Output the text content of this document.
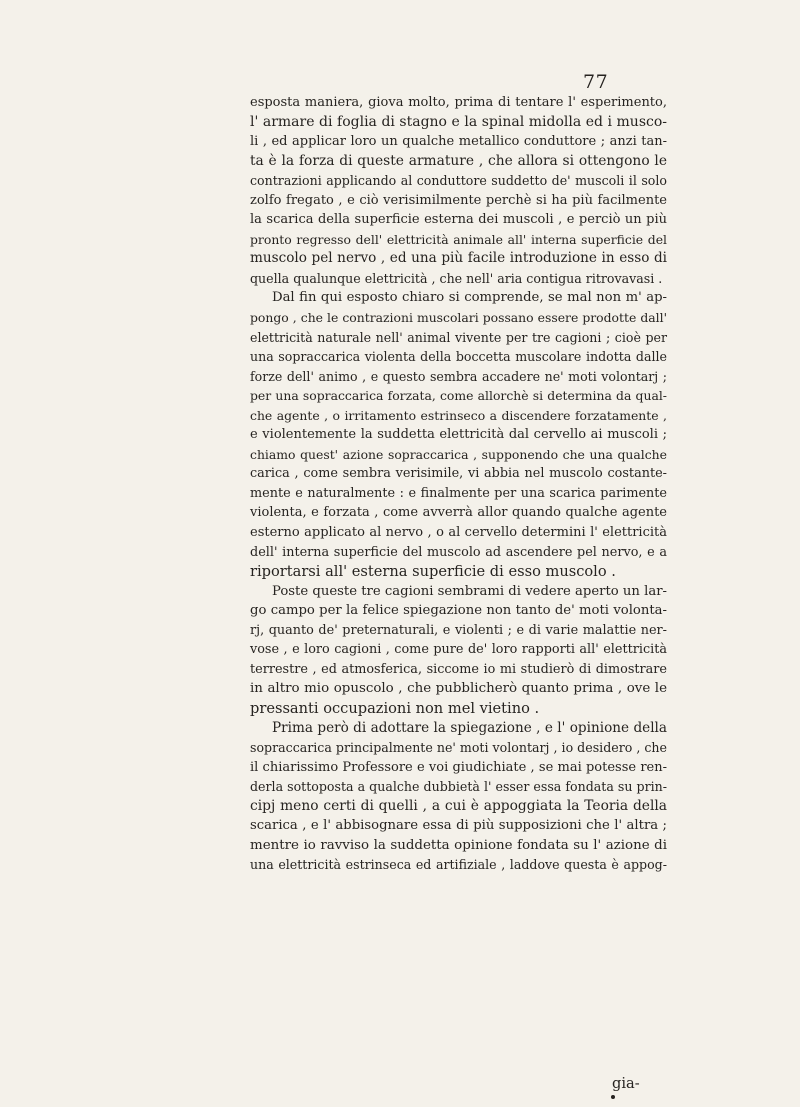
77
esposta maniera, giova molto, prima di tentare l' esperimento,
l' armare di foglia di stagno e la spinal midolla ed i musco-
li , ed applicar loro un qualche metallico conduttore ; anzi tan-
ta è la forza di queste armature , che allora si ottengono le
contrazioni applicando al conduttore suddetto de' muscoli il solo
zolfo fregato , e ciò verisimilmente perchè si ha più facilmente
la scarica della superficie esterna dei muscoli , e perciò un più
pronto regresso dell' elettricità animale all' interna superficie del
muscolo pel nervo , ed una più facile introduzione in esso di
quella qualunque elettricità , che nell' aria contigua ritrovavasi .
Dal fin qui esposto chiaro si comprende, se mal non m' ap-
pongo , che le contrazioni muscolari possano essere prodotte dall'
elettricità naturale nell' animal vivente per tre cagioni ; cioè per
una sopraccarica violenta della boccetta muscolare indotta dalle
forze dell' animo , e questo sembra accadere ne' moti volontarj ;
per una sopraccarica forzata, come allorchè si determina da qual-
che agente , o irritamento estrinseco a discendere forzatamente ,
e violentemente la suddetta elettricità dal cervello ai muscoli ;
chiamo quest' azione sopraccarica , supponendo che una qualche
carica , come sembra verisimile, vi abbia nel muscolo costante-
mente e naturalmente : e finalmente per una scarica parimente
violenta, e forzata , come avverrà allor quando qualche agente
esterno applicato al nervo , o al cervello determini l' elettricità
dell' interna superficie del muscolo ad ascendere pel nervo, e a
riportarsi all' esterna superficie di esso muscolo .
Poste queste tre cagioni sembrami di vedere aperto un lar-
go campo per la felice spiegazione non tanto de' moti volonta-
rj, quanto de' preternaturali, e violenti ; e di varie malattie ner-
vose , e loro cagioni , come pure de' loro rapporti all' elettricità
terrestre , ed atmosferica, siccome io mi studierò di dimostrare
in altro mio opuscolo , che pubblicherò quanto prima , ove le
pressanti occupazioni non mel vietino .
Prima però di adottare la spiegazione , e l' opinione della
sopraccarica principalmente ne' moti volontarj , io desidero , che
il chiarissimo Professore e voi giudichiate , se mai potesse ren-
derla sottoposta a qualche dubbietà l' esser essa fondata su prin-
cipj meno certi di quelli , a cui è appoggiata la Teoria della
scarica , e l' abbisognare essa di più supposizioni che l' altra ;
mentre io ravviso la suddetta opinione fondata su l' azione di
una elettricità estrinseca ed artifiziale , laddove questa è appog-
gia-
